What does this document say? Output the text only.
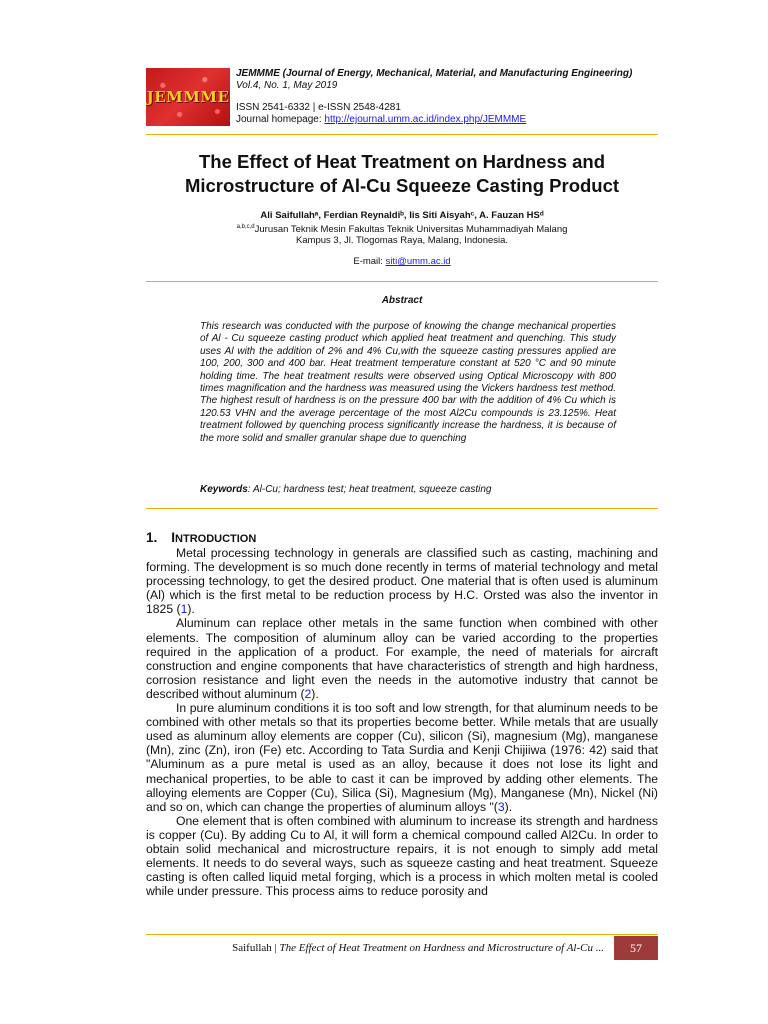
JEMMME
JEMMME (Journal of Energy, Mechanical, Material, and Manufacturing Engineering)
Vol.4, No. 1, May 2019
ISSN 2541-6332 | e-ISSN 2548-4281
Journal homepage: http://ejournal.umm.ac.id/index.php/JEMMME
The Effect of Heat Treatment on Hardness and
Microstructure of Al-Cu Squeeze Casting Product
Ali Saifullahᵃ, Ferdian Reynaldiᵇ, Iis Siti Aisyahᶜ, A. Fauzan HSᵈ
$^{a,b,c,d}$Jurusan Teknik Mesin Fakultas Teknik Universitas Muhammadiyah Malang
Kampus 3, Jl. Tlogomas Raya, Malang, Indonesia.
E-mail: siti@umm.ac.id
Abstract
This research was conducted with the purpose of knowing the change mechanical properties of Al - Cu squeeze casting product which applied heat treatment and quenching. This study uses Al with the addition of 2% and 4% Cu,with the squeeze casting pressures applied are 100, 200, 300 and 400 bar. Heat treatment temperature constant at 520 °C and 90 minute holding time. The heat treatment results were observed using Optical Microscopy with 800 times magnification and the hardness was measured using the Vickers hardness test method. The highest result of hardness is on the pressure 400 bar with the addition of 4% Cu which is 120.53 VHN and the average percentage of the most Al2Cu compounds is 23.125%. Heat treatment followed by quenching process significantly increase the hardness, it is because of the more solid and smaller granular shape due to quenching
Keywords: Al-Cu; hardness test; heat treatment, squeeze casting
1. INTRODUCTION

Metal processing technology in generals are classified such as casting, machining and forming. The development is so much done recently in terms of material technology and metal processing technology, to get the desired product. One material that is often used is aluminum (Al) which is the first metal to be reduction process by H.C. Orsted was also the inventor in 1825 (1).

Aluminum can replace other metals in the same function when combined with other elements. The composition of aluminum alloy can be varied according to the properties required in the application of a product. For example, the need of materials for aircraft construction and engine components that have characteristics of strength and high hardness, corrosion resistance and light even the needs in the automotive industry that cannot be described without aluminum (2).

In pure aluminum conditions it is too soft and low strength, for that aluminum needs to be combined with other metals so that its properties become better. While metals that are usually used as aluminum alloy elements are copper (Cu), silicon (Si), magnesium (Mg), manganese (Mn), zinc (Zn), iron (Fe) etc. According to Tata Surdia and Kenji Chijiiwa (1976: 42) said that "Aluminum as a pure metal is used as an alloy, because it does not lose its light and mechanical properties, to be able to cast it can be improved by adding other elements. The alloying elements are Copper (Cu), Silica (Si), Magnesium (Mg), Manganese (Mn), Nickel (Ni) and so on, which can change the properties of aluminum alloys "(3).

One element that is often combined with aluminum to increase its strength and hardness is copper (Cu). By adding Cu to Al, it will form a chemical compound called Al2Cu. In order to obtain solid mechanical and microstructure repairs, it is not enough to simply add metal elements. It needs to do several ways, such as squeeze casting and heat treatment. Squeeze casting is often called liquid metal forging, which is a process in which molten metal is cooled while under pressure. This process aims to reduce porosity and

Saifullah | The Effect of Heat Treatment on Hardness and Microstructure of Al-Cu ...	57
